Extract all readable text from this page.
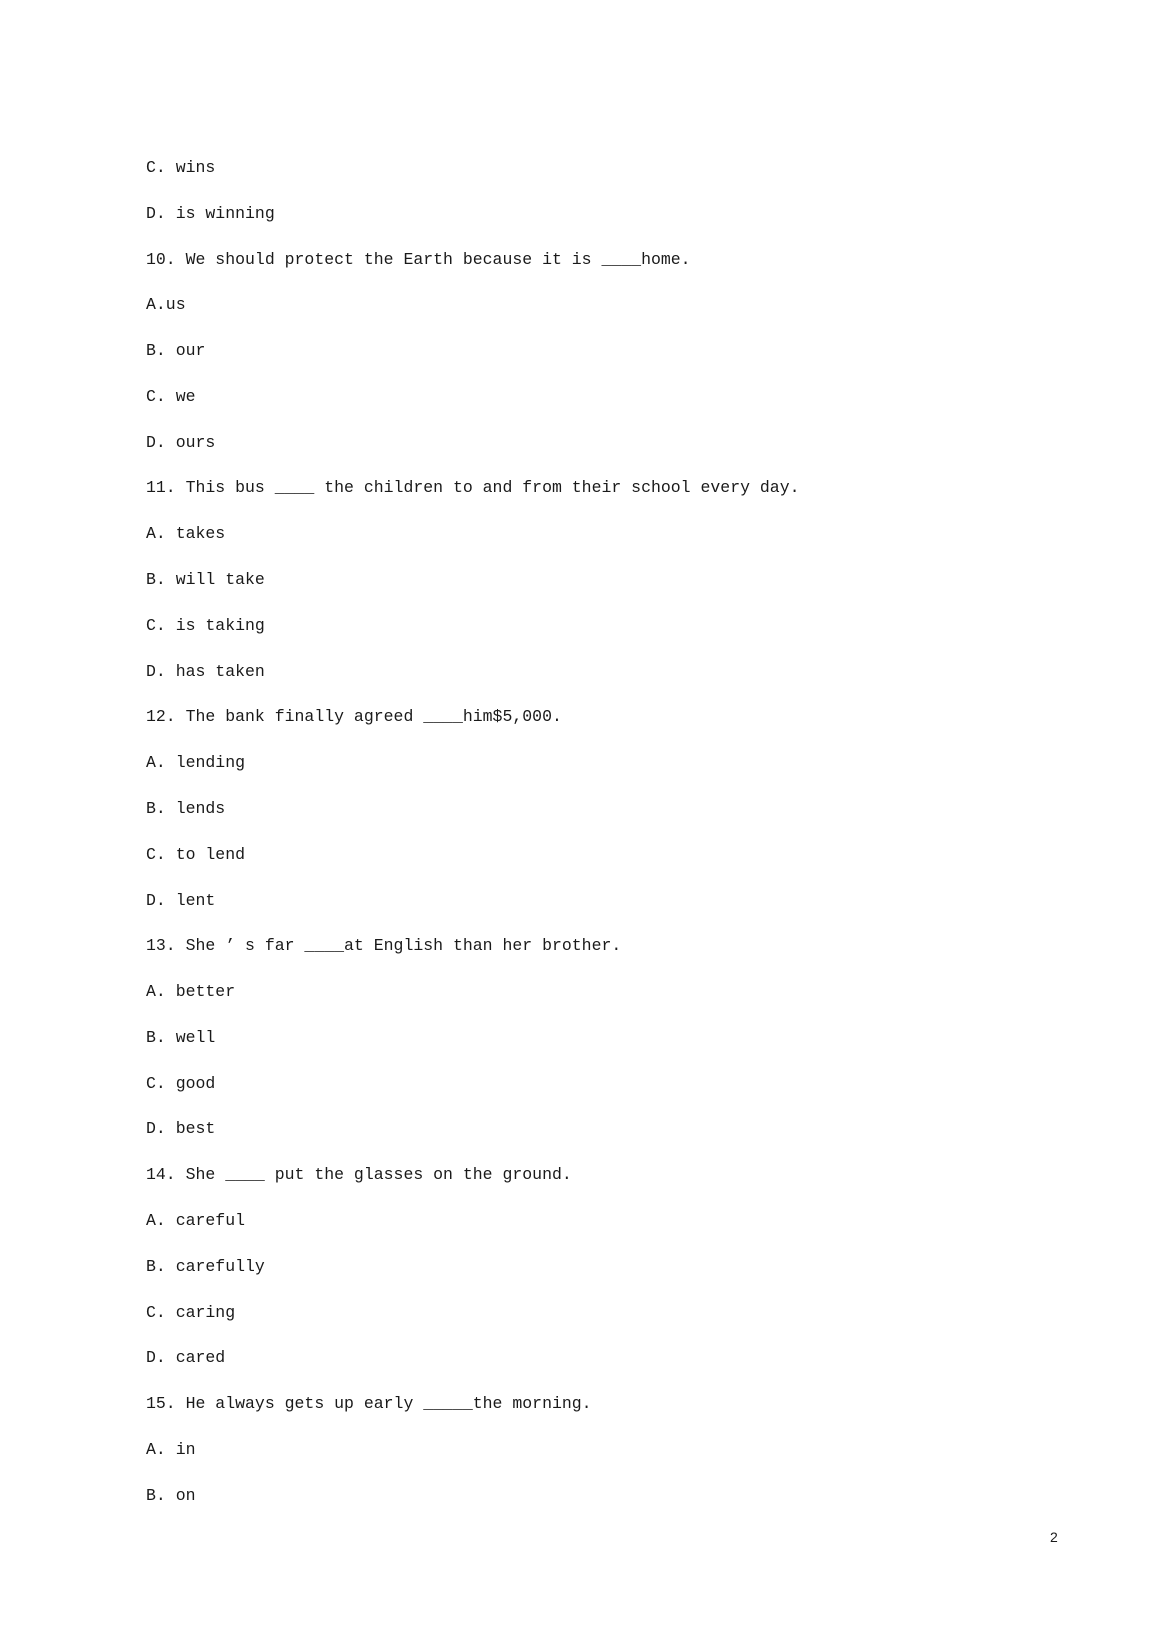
C. wins
D. is winning
10. We should protect the Earth because it is ____home.
A.us
B. our
C. we
D. ours
11. This bus ____ the children to and from their school every day.
A. takes
B. will take
C. is taking
D. has taken
12. The bank finally agreed ____him$5,000.
A. lending
B. lends
C. to lend
D. lent
13. She ’ s far ____at English than her brother.
A. better
B. well
C. good
D. best
14. She ____ put the glasses on the ground.
A. careful
B. carefully
C. caring
D. cared
15. He always gets up early _____the morning.
A. in
B. on
2
